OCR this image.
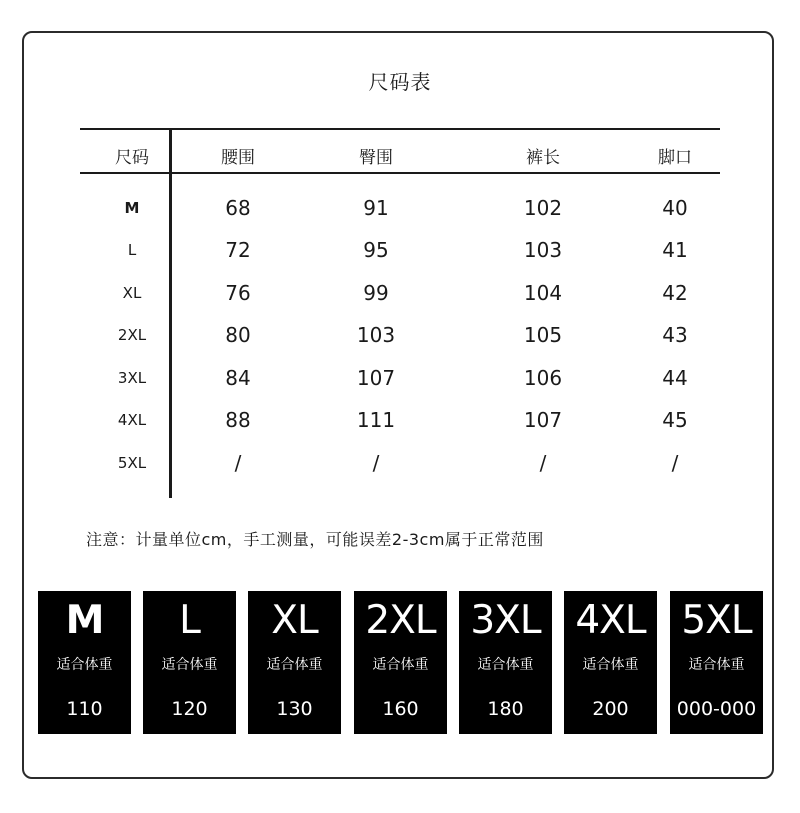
尺码表
尺码	腰围	臀围	裤长	脚口
M	68	91	102	40
L	72	95	103	41
XL	76	99	104	42
2XL	80	103	105	43
3XL	84	107	106	44
4XL	88	111	107	45
5XL	/	/	/	/
注意：计量单位cm，手工测量，可能误差2-3cm属于正常范围
M
适合体重
110
L
适合体重
120
XL
适合体重
130
2XL
适合体重
160
3XL
适合体重
180
4XL
适合体重
200
5XL
适合体重
000-000
